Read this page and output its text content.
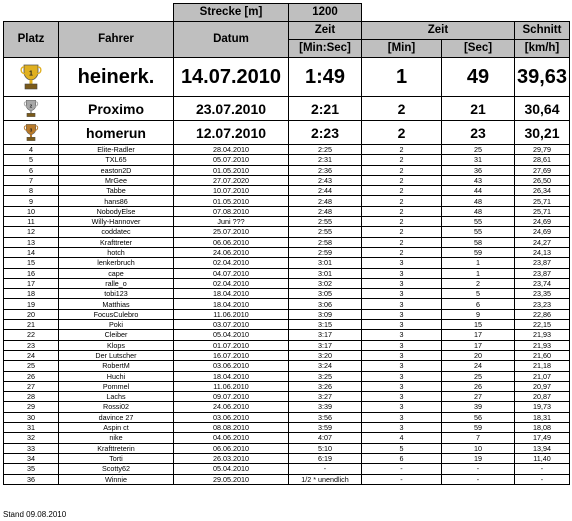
		Strecke [m]	1200			
Platz	Fahrer	Datum	Zeit	Zeit		Schnitt
			[Min:Sec]	[Min]	[Sec]	[km/h]

1	heinerk.	14.07.2010	1:49	1	49	39,63

2	Proximo	23.07.2010	2:21	2	21	30,64

3	homerun	12.07.2010	2:23	2	23	30,21
4	Elite-Radler	28.04.2010	2:25	2	25	29,79
5	TXL65	05.07.2010	2:31	2	31	28,61
6	easton2D	01.05.2010	2:36	2	36	27,69
7	MrGee	27.07.2020	2:43	2	43	26,50
8	Tabbe	10.07.2010	2:44	2	44	26,34
9	hans86	01.05.2010	2:48	2	48	25,71
10	NobodyElse	07.08.2010	2:48	2	48	25,71
11	Willy-Hannover	Juni ???	2:55	2	55	24,69
12	coddatec	25.07.2010	2:55	2	55	24,69
13	Krafttreter	06.06.2010	2:58	2	58	24,27
14	hotch	24.06.2010	2:59	2	59	24,13
15	lenkerbruch	02.04.2010	3:01	3	1	23,87
16	cape	04.07.2010	3:01	3	1	23,87
17	ralle_o	02.04.2010	3:02	3	2	23,74
18	tobi123	18.04.2010	3:05	3	5	23,35
19	Matthias	18.04.2010	3:06	3	6	23,23
20	FocusCulebro	11.06.2010	3:09	3	9	22,86
21	Poki	03.07.2010	3:15	3	15	22,15
22	Cleiber	05.04.2010	3:17	3	17	21,93
23	Klops	01.07.2010	3:17	3	17	21,93
24	Der Lutscher	16.07.2010	3:20	3	20	21,60
25	RobertM	03.06.2010	3:24	3	24	21,18
26	Huchi	18.04.2010	3:25	3	25	21,07
27	Pommel	11.06.2010	3:26	3	26	20,97
28	Lachs	09.07.2010	3:27	3	27	20,87
29	Rossi02	24.06.2010	3:39	3	39	19,73
30	davince 27	03.06.2010	3:56	3	56	18,31
31	Aspin ct	08.08.2010	3:59	3	59	18,08
32	nike	04.06.2010	4:07	4	7	17,49
33	Krafttreterin	06.06.2010	5:10	5	10	13,94
34	Torti	26.03.2010	6:19	6	19	11,40
35	Scotty62	05.04.2010	-	-	-	-
36	Winnie	29.05.2010	1/2 * unendlich	-	-	-
Stand 09.08.2010
